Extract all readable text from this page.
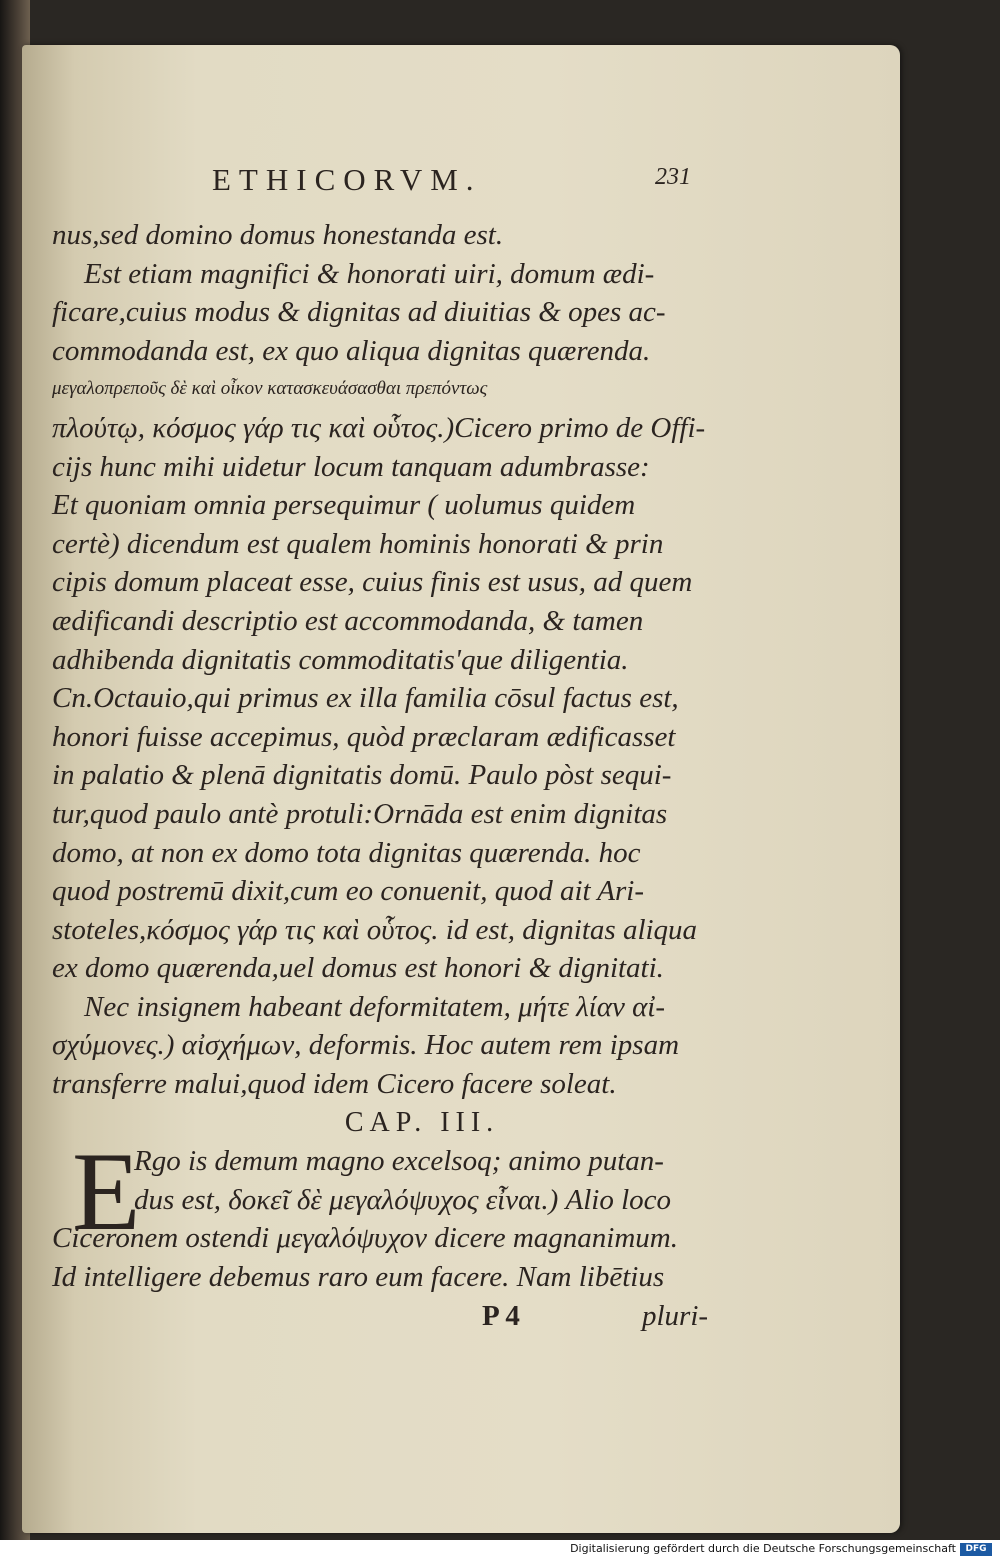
ETHICORVM.	231
nus,sed domino domus honestanda est.
Est etiam magnifici & honorati uiri, domum ædi-
ficare,cuius modus & dignitas ad diuitias & opes ac-
commodanda est, ex quo aliqua dignitas quærenda.
μεγαλοπρεποῦς δὲ καὶ οἶκον κατασκευάσασθαι πρεπόντως
πλούτῳ, κόσμος γάρ τις καὶ οὗτος.)Cicero primo de Offi-
cijs hunc mihi uidetur locum tanquam adumbrasse:
Et quoniam omnia persequimur ( uolumus quidem
certè) dicendum est qualem hominis honorati & prin
cipis domum placeat esse, cuius finis est usus, ad quem
ædificandi descriptio est accommodanda, & tamen
adhibenda dignitatis commoditatis'que diligentia.
Cn.Octauio,qui primus ex illa familia cōsul factus est,
honori fuisse accepimus, quòd præclaram ædificasset
in palatio & plenā dignitatis domū. Paulo pòst sequi-
tur,quod paulo antè protuli:Ornāda est enim dignitas
domo, at non ex domo tota dignitas quærenda. hoc
quod postremū dixit,cum eo conuenit, quod ait Ari-
stoteles,κόσμος γάρ τις καὶ οὗτος. id est, dignitas aliqua
ex domo quærenda,uel domus est honori & dignitati.
Nec insignem habeant deformitatem, μήτε λίαν αἰ-
σχύμονες.) αἰσχήμων, deformis. Hoc autem rem ipsam
transferre malui,quod idem Cicero facere soleat.
CAP. III.
E
Rgo is demum magno excelsoq; animo putan-
dus est, δοκεῖ δὲ μεγαλόψυχος εἶναι.) Alio loco
Ciceronem ostendi μεγαλόψυχον dicere magnanimum.
Id intelligere debemus raro eum facere. Nam libētius
P 4	pluri-
Digitalisierung gefördert durch die Deutsche Forschungsgemeinschaft	DFG
